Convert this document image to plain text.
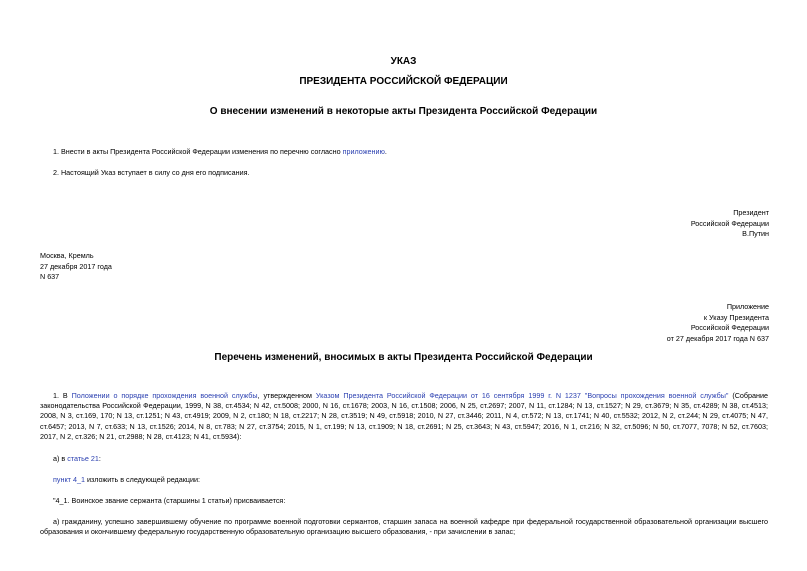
УКАЗ
ПРЕЗИДЕНТА РОССИЙСКОЙ ФЕДЕРАЦИИ
О внесении изменений в некоторые акты Президента Российской Федерации
1. Внести в акты Президента Российской Федерации изменения по перечню согласно приложению.
2. Настоящий Указ вступает в силу со дня его подписания.
Президент
Российской Федерации
В.Путин
Москва, Кремль
27 декабря 2017 года
N 637
Приложение
к Указу Президента
Российской Федерации
от 27 декабря 2017 года N 637
Перечень изменений, вносимых в акты Президента Российской Федерации
1. В Положении о порядке прохождения военной службы, утвержденном Указом Президента Российской Федерации от 16 сентября 1999 г. N 1237 "Вопросы прохождения военной службы" (Собрание законодательства Российской Федерации, 1999, N 38, ст.4534; N 42, ст.5008; 2000, N 16, ст.1678; 2003, N 16, ст.1508; 2006, N 25, ст.2697; 2007, N 11, ст.1284; N 13, ст.1527; N 29, ст.3679; N 35, ст.4289; N 38, ст.4513; 2008, N 3, ст.169, 170; N 13, ст.1251; N 43, ст.4919; 2009, N 2, ст.180; N 18, ст.2217; N 28, ст.3519; N 49, ст.5918; 2010, N 27, ст.3446; 2011, N 4, ст.572; N 13, ст.1741; N 40, ст.5532; 2012, N 2, ст.244; N 29, ст.4075; N 47, ст.6457; 2013, N 7, ст.633; N 13, ст.1526; 2014, N 8, ст.783; N 27, ст.3754; 2015, N 1, ст.199; N 13, ст.1909; N 18, ст.2691; N 25, ст.3643; N 43, ст.5947; 2016, N 1, ст.216; N 32, ст.5096; N 50, ст.7077, 7078; N 52, ст.7603; 2017, N 2, ст.326; N 21, ст.2988; N 28, ст.4123; N 41, ст.5934):
а) в статье 21:
пункт 4_1 изложить в следующей редакции:
"4_1. Воинское звание сержанта (старшины 1 статьи) присваивается:
а) гражданину, успешно завершившему обучение по программе военной подготовки сержантов, старшин запаса на военной кафедре при федеральной государственной образовательной организации высшего образования и окончившему федеральную государственную образовательную организацию высшего образования, - при зачислении в запас;
